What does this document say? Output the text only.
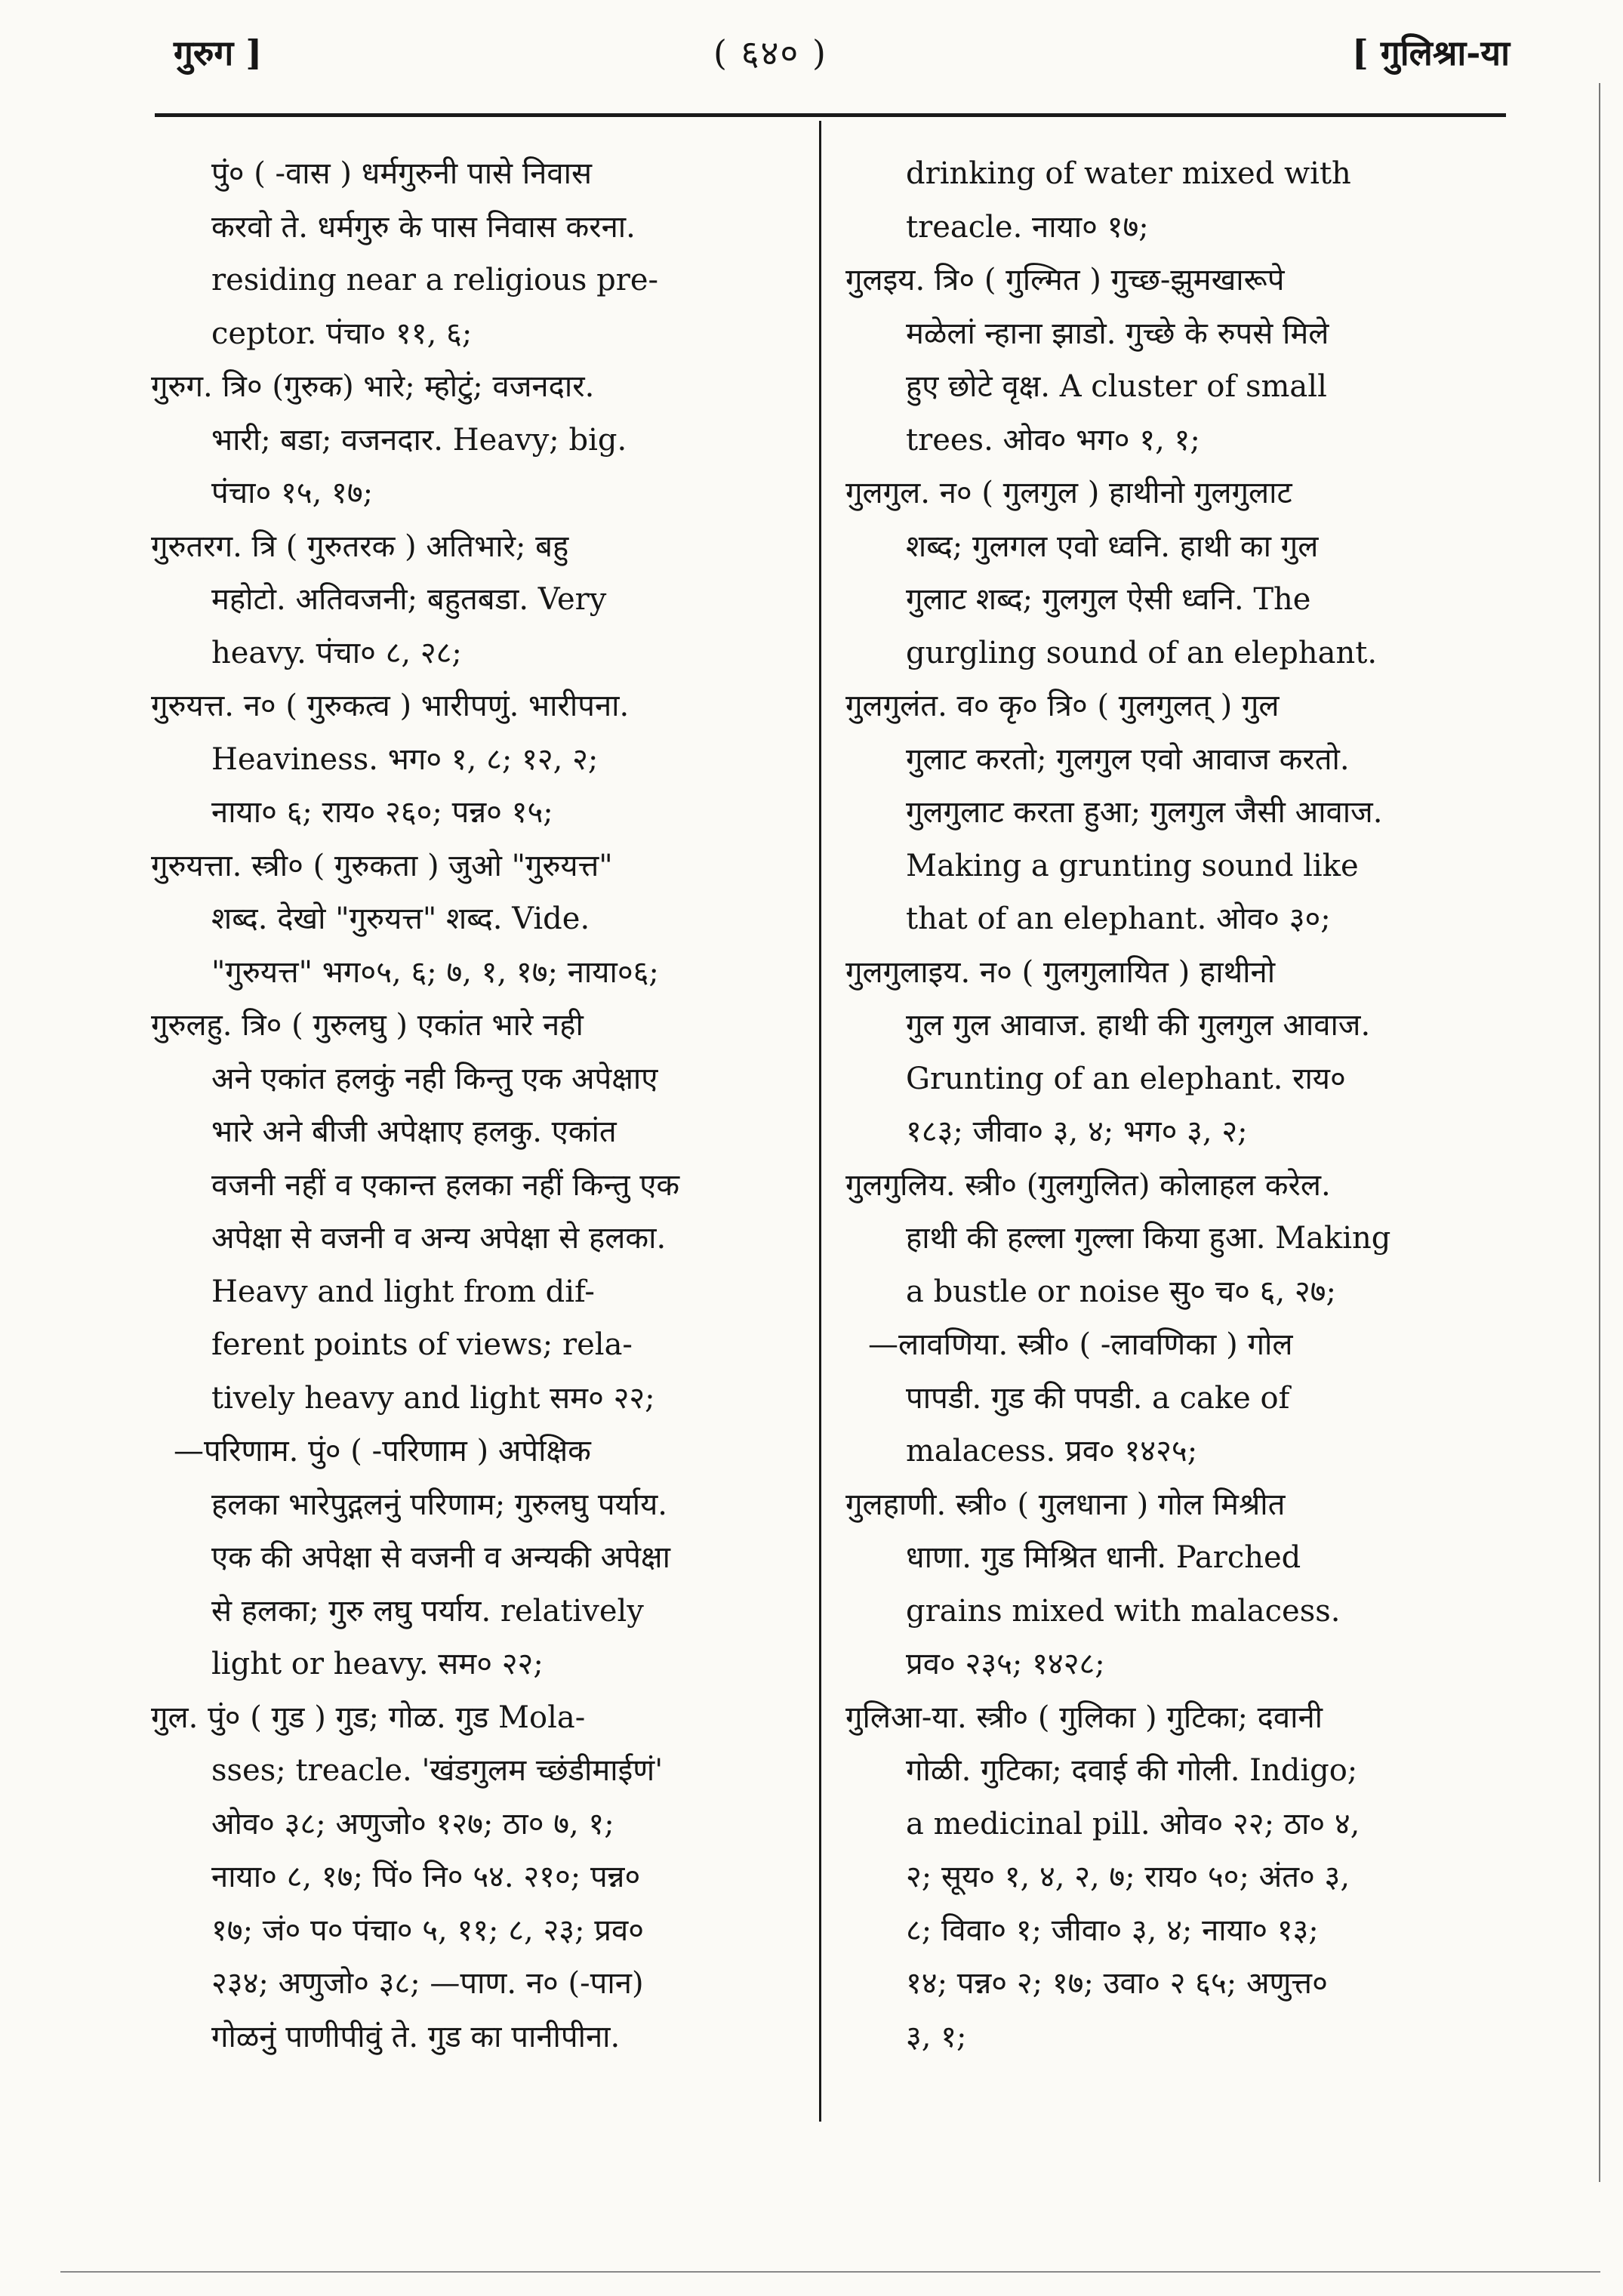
गुरुग ]	( ६४० )	[ गुलिश्रा-या
पुं० ( -वास ) धर्मगुरुनी पासे निवास
करवो ते. धर्मगुरु के पास निवास करना.
residing near a religious pre-
ceptor. पंचा० ११, ६;
गुरुग. त्रि० (गुरुक) भारे; म्होटुं; वजनदार.
भारी; बडा; वजनदार. Heavy; big.
पंचा० १५, १७;
गुरुतरग. त्रि ( गुरुतरक ) अतिभारे; बहु
महोटो. अतिवजनी; बहुतबडा. Very
heavy. पंचा० ८, २८;
गुरुयत्त. न० ( गुरुकत्व ) भारीपणुं. भारीपना.
Heaviness. भग० १, ८; १२, २;
नाया० ६; राय० २६०; पन्न० १५;
गुरुयत्ता. स्त्री० ( गुरुकता ) जुओ "गुरुयत्त"
शब्द. देखो "गुरुयत्त" शब्द. Vide.
"गुरुयत्त" भग०५, ६; ७, १, १७; नाया०६;
गुरुलहु. त्रि० ( गुरुलघु ) एकांत भारे नही
अने एकांत हलकुं नही किन्तु एक अपेक्षाए
भारे अने बीजी अपेक्षाए हलकु. एकांत
वजनी नहीं व एकान्त हलका नहीं किन्तु एक
अपेक्षा से वजनी व अन्य अपेक्षा से हलका.
Heavy and light from dif-
ferent points of views; rela-
tively heavy and light सम० २२;
—परिणाम. पुं० ( -परिणाम ) अपेक्षिक
हलका भारेपुद्गलनुं परिणाम; गुरुलघु पर्याय.
एक की अपेक्षा से वजनी व अन्यकी अपेक्षा
से हलका; गुरु लघु पर्याय. relatively
light or heavy. सम० २२;
गुल. पुं० ( गुड ) गुड; गोळ. गुड Mola-
sses; treacle. 'खंडगुलम च्छंडीमाईणं'
ओव० ३८; अणुजो० १२७; ठा० ७, १;
नाया० ८, १७; पिं० नि० ५४. २१०; पन्न०
१७; जं० प० पंचा० ५, ११; ८, २३; प्रव०
२३४; अणुजो० ३८; —पाण. न० (-पान)
गोळनुं पाणीपीवुं ते. गुड का पानीपीना.
drinking of water mixed with
treacle. नाया० १७;
गुलइय. त्रि० ( गुल्मित ) गुच्छ-झुमखारूपे
मळेलां न्हाना झाडो. गुच्छे के रुपसे मिले
हुए छोटे वृक्ष. A cluster of small
trees. ओव० भग० १, १;
गुलगुल. न० ( गुलगुल ) हाथीनो गुलगुलाट
शब्द; गुलगल एवो ध्वनि. हाथी का गुल
गुलाट शब्द; गुलगुल ऐसी ध्वनि. The
gurgling sound of an elephant.
गुलगुलंत. व० कृ० त्रि० ( गुलगुलत् ) गुल
गुलाट करतो; गुलगुल एवो आवाज करतो.
गुलगुलाट करता हुआ; गुलगुल जैसी आवाज.
Making a grunting sound like
that of an elephant. ओव० ३०;
गुलगुलाइय. न० ( गुलगुलायित ) हाथीनो
गुल गुल आवाज. हाथी की गुलगुल आवाज.
Grunting of an elephant. राय०
१८३; जीवा० ३, ४; भग० ३, २;
गुलगुलिय. स्त्री० (गुलगुलित) कोलाहल करेल.
हाथी की हल्ला गुल्ला किया हुआ. Making
a bustle or noise सु० च० ६, २७;
—लावणिया. स्त्री० ( -लावणिका ) गोल
पापडी. गुड की पपडी. a cake of
malacess. प्रव० १४२५;
गुलहाणी. स्त्री० ( गुलधाना ) गोल मिश्रीत
धाणा. गुड मिश्रित धानी. Parched
grains mixed with malacess.
प्रव० २३५; १४२८;
गुलिआ-या. स्त्री० ( गुलिका ) गुटिका; दवानी
गोळी. गुटिका; दवाई की गोली. Indigo;
a medicinal pill. ओव० २२; ठा० ४,
२; सूय० १, ४, २, ७; राय० ५०; अंत० ३,
८; विवा० १; जीवा० ३, ४; नाया० १३;
१४; पन्न० २; १७; उवा० २ ६५; अणुत्त०
३, १;
